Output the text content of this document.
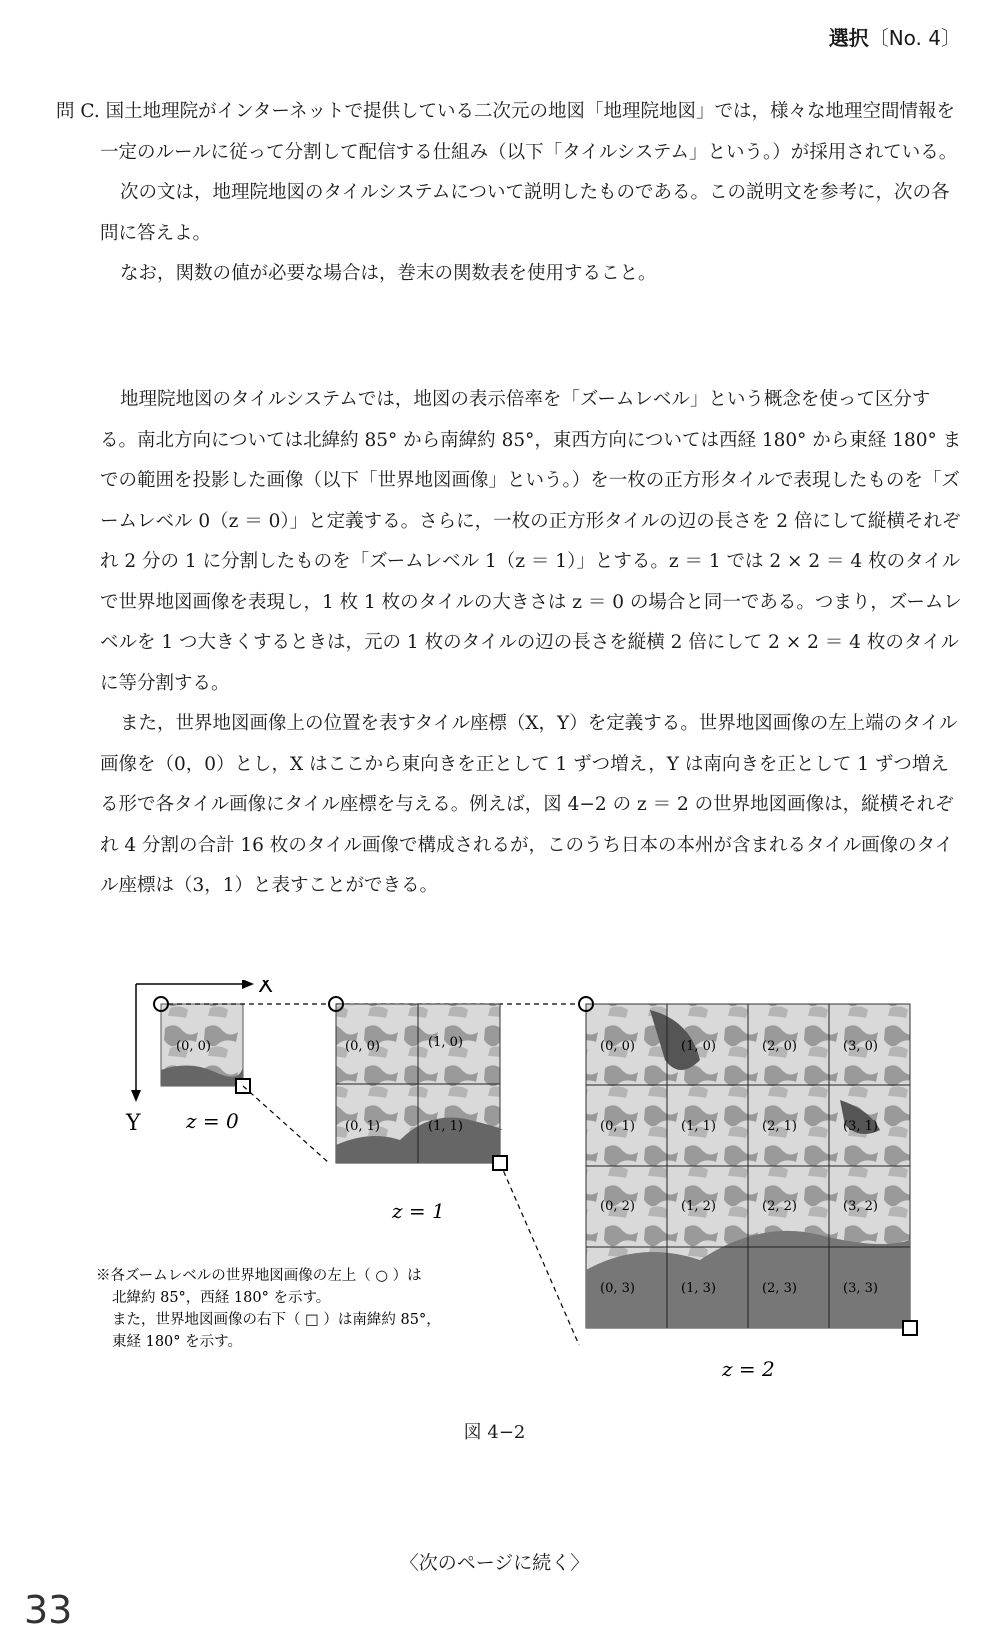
選択〔No. 4〕

問 C. 国土地理院がインターネットで提供している二次元の地図「地理院地図」では，様々な地理空間情報を一定のルールに従って分割して配信する仕組み（以下「タイルシステム」という。）が採用されている。

次の文は，地理院地図のタイルシステムについて説明したものである。この説明文を参考に，次の各問に答えよ。

なお，関数の値が必要な場合は，巻末の関数表を使用すること。

地理院地図のタイルシステムでは，地図の表示倍率を「ズームレベル」という概念を使って区分する。南北方向については北緯約 85° から南緯約 85°，東西方向については西経 180° から東経 180° までの範囲を投影した画像（以下「世界地図画像」という。）を一枚の正方形タイルで表現したものを「ズームレベル 0（z ＝ 0）」と定義する。さらに，一枚の正方形タイルの辺の長さを 2 倍にして縦横それぞれ 2 分の 1 に分割したものを「ズームレベル 1（z ＝ 1）」とする。z ＝ 1 では 2 × 2 ＝ 4 枚のタイルで世界地図画像を表現し，1 枚 1 枚のタイルの大きさは z ＝ 0 の場合と同一である。つまり，ズームレベルを 1 つ大きくするときは，元の 1 枚のタイルの辺の長さを縦横 2 倍にして 2 × 2 ＝ 4 枚のタイルに等分割する。

また，世界地図画像上の位置を表すタイル座標（X，Y）を定義する。世界地図画像の左上端のタイル画像を（0，0）とし，X はここから東向きを正として 1 ずつ増え，Y は南向きを正として 1 ずつ増える形で各タイル画像にタイル座標を与える。例えば，図 4−2 の z ＝ 2 の世界地図画像は，縦横それぞれ 4 分割の合計 16 枚のタイル画像で構成されるが，このうち日本の本州が含まれるタイル画像のタイル座標は（3，1）と表すことができる。

X
Y
(0, 0)
z = 0
(0, 0)	(1, 0)
(0, 1)	(1, 1)
z = 1
(0, 0)	(1, 0)	(2, 0)	(3, 0)
(0, 1)	(1, 1)	(2, 1)	(3, 1)
(0, 2)	(1, 2)	(2, 2)	(3, 2)
(0, 3)	(1, 3)	(2, 3)	(3, 3)
z = 2
※各ズームレベルの世界地図画像の左上（ ○ ）は
北緯約 85°，西経 180° を示す。
また，世界地図画像の右下（ □ ）は南緯約 85°，
東経 180° を示す。
図 4−2
〈次のページに続く〉
33
